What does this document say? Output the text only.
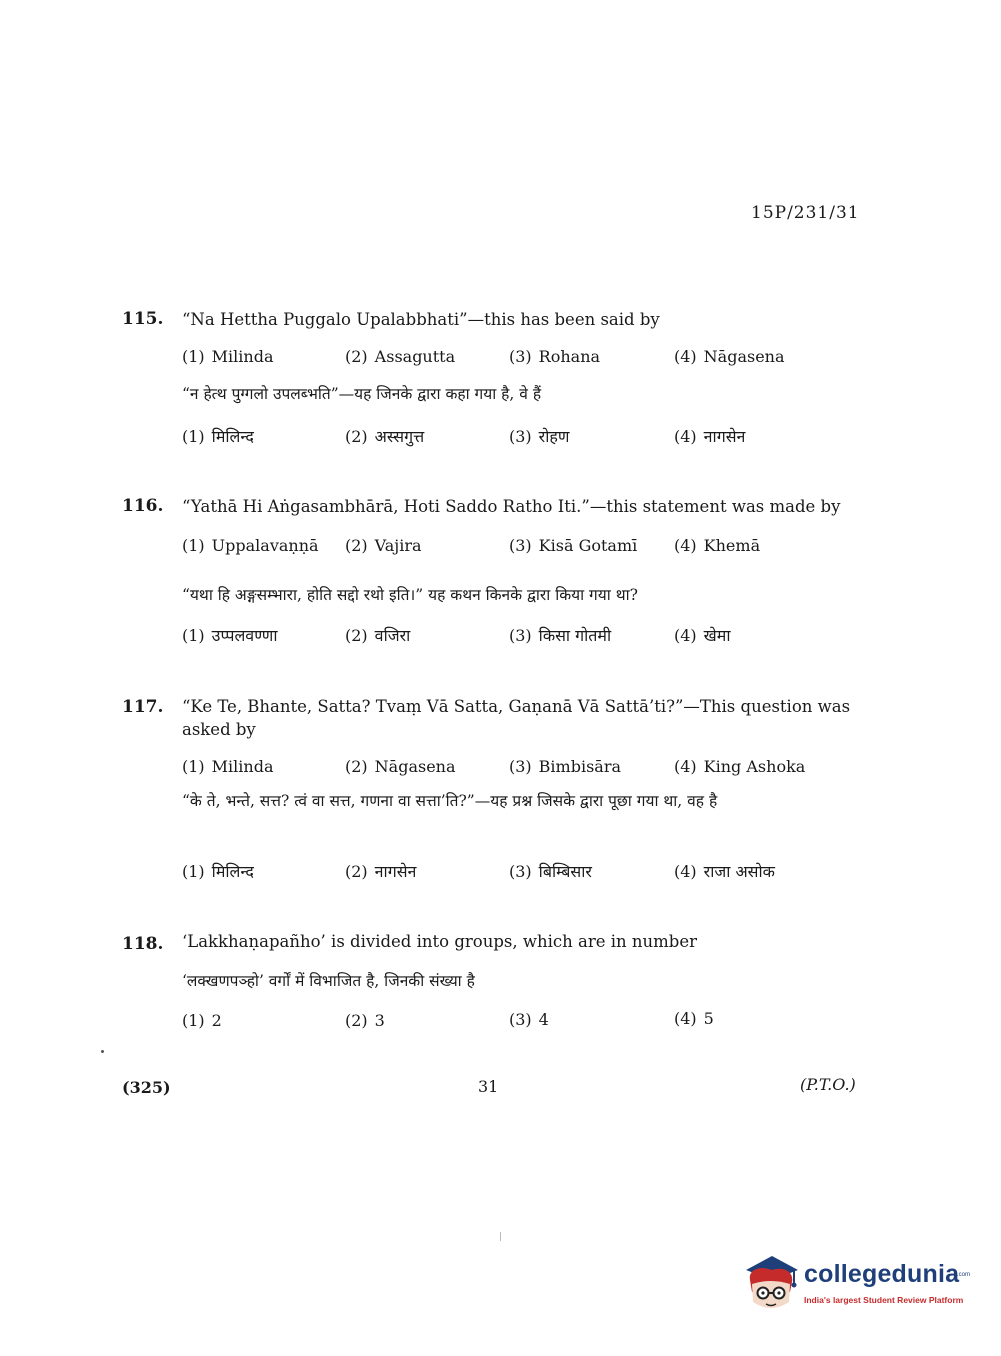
15P/231/31
115. “Na Hettha Puggalo Upalabbhati”—this has been said by
(1) Milinda	(2) Assagutta	(3) Rohana	(4) Nāgasena
“न हेत्थ पुग्गलो उपलब्भति”—यह जिनके द्वारा कहा गया है, वे हैं
(1) मिलिन्द	(2) अस्सगुत्त	(3) रोहण	(4) नागसेन
116. “Yathā Hi Aṅgasambhārā, Hoti Saddo Ratho Iti.”—this statement was made by
(1) Uppalavaṇṇā (2) Vajira	(3) Kisā Gotamī (4) Khemā
“यथा हि अङ्गसम्भारा, होति सद्दो रथो इति।” यह कथन किनके द्वारा किया गया था?
(1) उप्पलवण्णा	(2) वजिरा	(3) किसा गोतमी	(4) खेमा
117. “Ke Te, Bhante, Satta? Tvaṃ Vā Satta, Gaṇanā Vā Sattā’ti?”—This question was asked by
(1) Milinda	(2) Nāgasena	(3) Bimbisāra	(4) King Ashoka
“के ते, भन्ते, सत्त? त्वं वा सत्त, गणना वा सत्ता’ति?”—यह प्रश्न जिसके द्वारा पूछा गया था, वह है
(1) मिलिन्द	(2) नागसेन	(3) बिम्बिसार	(4) राजा असोक
118. ‘Lakkhaṇapañho’ is divided into groups, which are in number
‘लक्खणपञ्हो’ वर्गों में विभाजित है, जिनकी संख्या है
(1) 2	(2) 3	(3) 4	(4) 5
(325)	31	(P.T.O.)
collegedunia
.com
India's largest Student Review Platform
